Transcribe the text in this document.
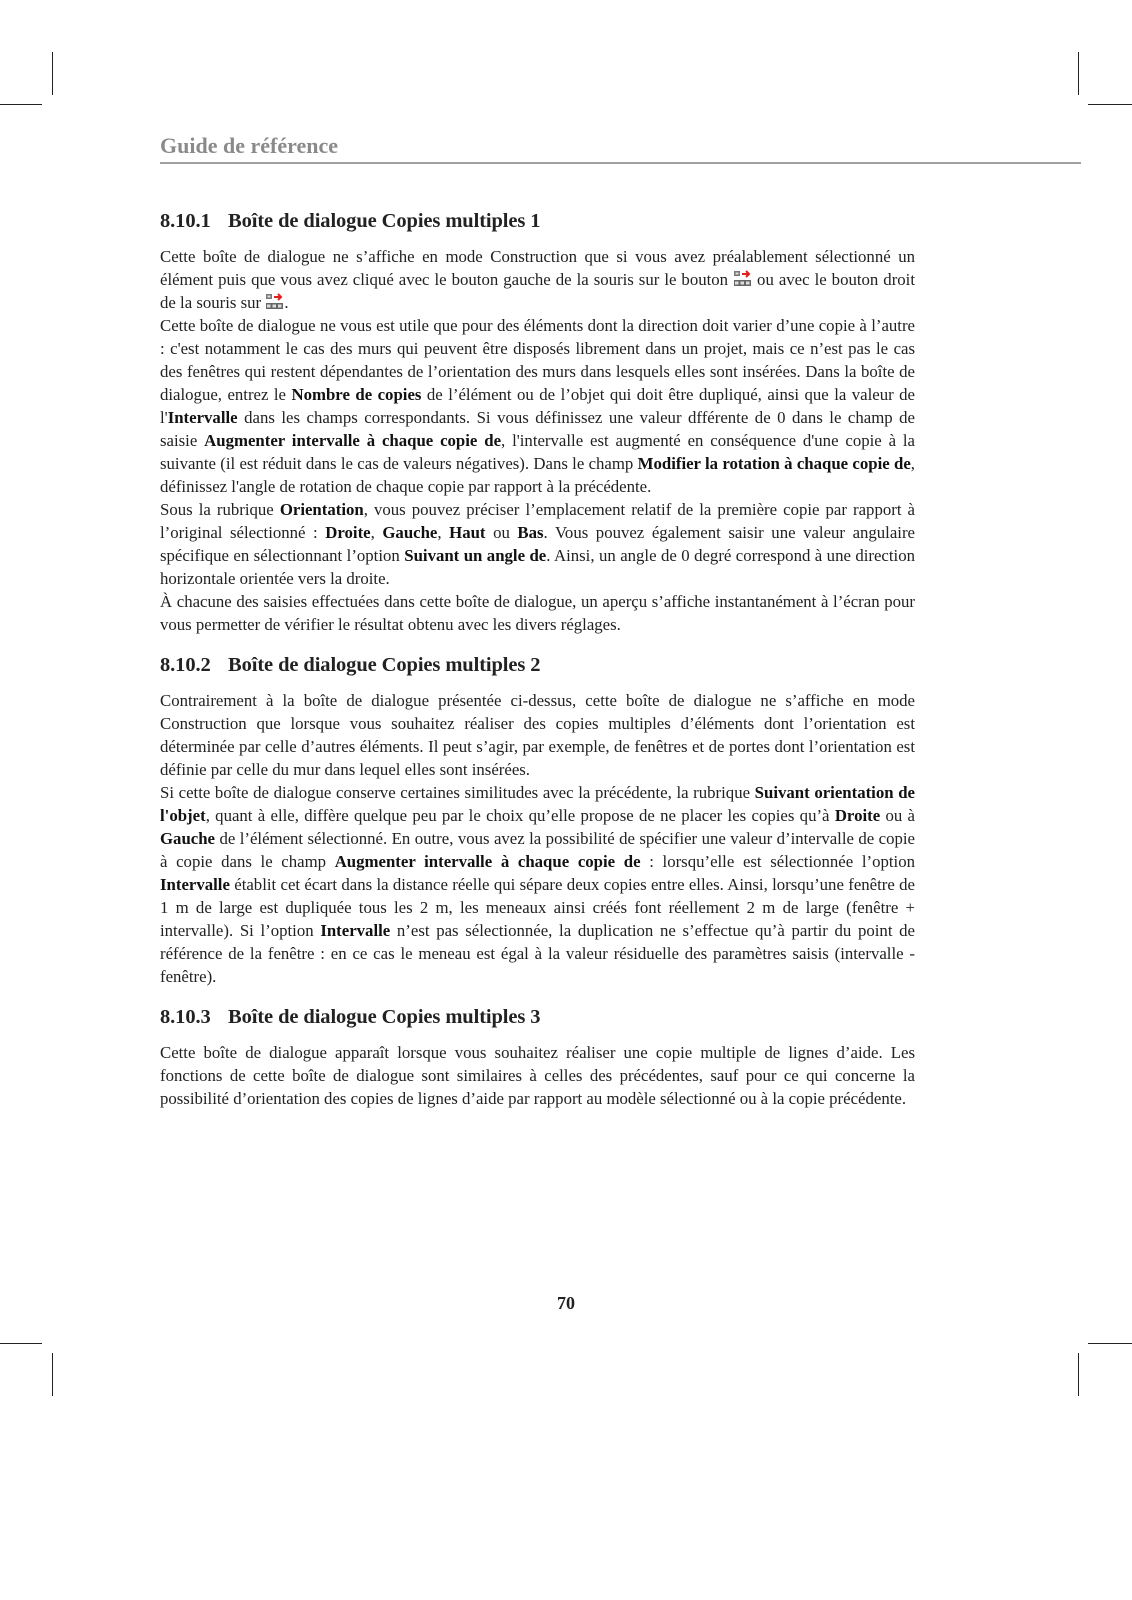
Guide de référence
8.10.1 Boîte de dialogue Copies multiples 1

Cette boîte de dialogue ne s’affiche en mode Construction que si vous avez préalablement sélectionné un élément puis que vous avez cliqué avec le bouton gauche de la souris sur le bouton
ou avec le bouton droit de la souris sur
.

Cette boîte de dialogue ne vous est utile que pour des éléments dont la direction doit varier d’une copie à l’autre : c'est notamment le cas des murs qui peuvent être disposés librement dans un projet, mais ce n’est pas le cas des fenêtres qui restent dépendantes de l’orientation des murs dans lesquels elles sont insérées. Dans la boîte de dialogue, entrez le Nombre de copies de l’élément ou de l’objet qui doit être dupliqué, ainsi que la valeur de l'Intervalle dans les champs correspondants. Si vous définissez une valeur dfférente de 0 dans le champ de saisie Augmenter intervalle à chaque copie de, l'intervalle est augmenté en conséquence d'une copie à la suivante (il est réduit dans le cas de valeurs négatives). Dans le champ Modifier la rotation à chaque copie de, définissez l'angle de rotation de chaque copie par rapport à la précédente.

Sous la rubrique Orientation, vous pouvez préciser l’emplacement relatif de la première copie par rapport à l’original sélectionné : Droite, Gauche, Haut ou Bas. Vous pouvez également saisir une valeur angulaire spécifique en sélectionnant l’option Suivant un angle de. Ainsi, un angle de 0 degré correspond à une direction horizontale orientée vers la droite.

À chacune des saisies effectuées dans cette boîte de dialogue, un aperçu s’affiche instantanément à l’écran pour vous permetter de vérifier le résultat obtenu avec les divers réglages.

8.10.2 Boîte de dialogue Copies multiples 2

Contrairement à la boîte de dialogue présentée ci-dessus, cette boîte de dialogue ne s’affiche en mode Construction que lorsque vous souhaitez réaliser des copies multiples d’éléments dont l’orientation est déterminée par celle d’autres éléments. Il peut s’agir, par exemple, de fenêtres et de portes dont l’orientation est définie par celle du mur dans lequel elles sont insérées.

Si cette boîte de dialogue conserve certaines similitudes avec la précédente, la rubrique Suivant orientation de l'objet, quant à elle, diffère quelque peu par le choix qu’elle propose de ne placer les copies qu’à Droite ou à Gauche de l’élément sélectionné. En outre, vous avez la possibilité de spécifier une valeur d’intervalle de copie à copie dans le champ Augmenter intervalle à chaque copie de : lorsqu’elle est sélectionnée l’option Intervalle établit cet écart dans la distance réelle qui sépare deux copies entre elles. Ainsi, lorsqu’une fenêtre de 1 m de large est dupliquée tous les 2 m, les meneaux ainsi créés font réellement 2 m de large (fenêtre + intervalle). Si l’option Intervalle n’est pas sélectionnée, la duplication ne s’effectue qu’à partir du point de référence de la fenêtre : en ce cas le meneau est égal à la valeur résiduelle des paramètres saisis (intervalle - fenêtre).

8.10.3 Boîte de dialogue Copies multiples 3

Cette boîte de dialogue apparaît lorsque vous souhaitez réaliser une copie multiple de lignes d’aide. Les fonctions de cette boîte de dialogue sont similaires à celles des précédentes, sauf pour ce qui concerne la possibilité d’orientation des copies de lignes d’aide par rapport au modèle sélectionné ou à la copie précédente.

70
